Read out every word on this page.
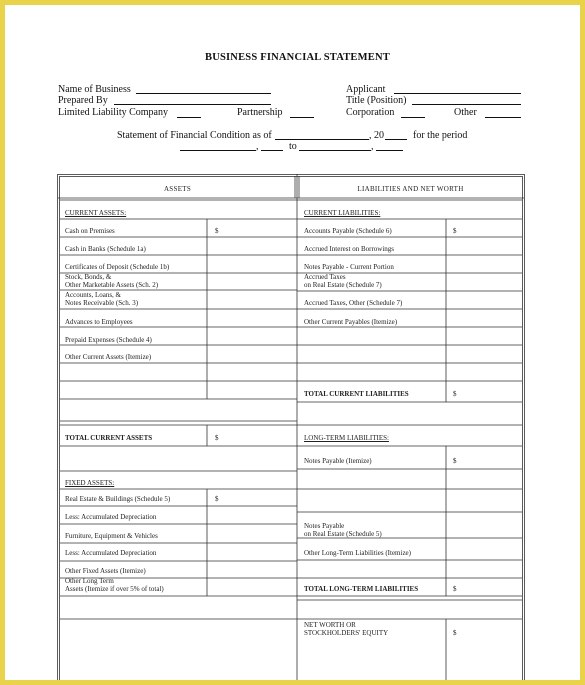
BUSINESS FINANCIAL STATEMENT
Name of Business
Prepared By
Limited Liability Company	Partnership
Applicant
Title (Position)
Corporation	Other
Statement of Financial Condition as of	, 20	for the period
,	to	,
ASSETS	LIABILITIES AND NET WORTH
CURRENT ASSETS:
Cash on Premises	$
Cash in Banks (Schedule 1a)
Certificates of Deposit (Schedule 1b)
Stock, Bonds, &
Other Marketable Assets (Sch. 2)
Accounts, Loans, &
Notes Receivable (Sch. 3)
Advances to Employees
Prepaid Expenses (Schedule 4)
Other Current Assets (Itemize)
TOTAL CURRENT ASSETS	$
FIXED ASSETS:
Real Estate & Buildings (Schedule 5)	$
Less: Accumulated Depreciation
Furniture, Equipment & Vehicles
Less: Accumulated Depreciation
Other Fixed Assets (Itemize)
Other Long Term
Assets (Itemize if over 5% of total)
CURRENT LIABILITIES:
Accounts Payable (Schedule 6)	$
Accrued Interest on Borrowings
Notes Payable - Current Portion
Accrued Taxes
on Real Estate (Schedule 7)
Accrued Taxes, Other (Schedule 7)
Other Current Payables (Itemize)
TOTAL CURRENT LIABILITIES	$
LONG-TERM LIABILITIES:
Notes Payable (Itemize)	$
Notes Payable
on Real Estate (Schedule 5)
Other Long-Term Liabilities (Itemize)
TOTAL LONG-TERM LIABILITIES	$
NET WORTH OR
STOCKHOLDERS' EQUITY	$
